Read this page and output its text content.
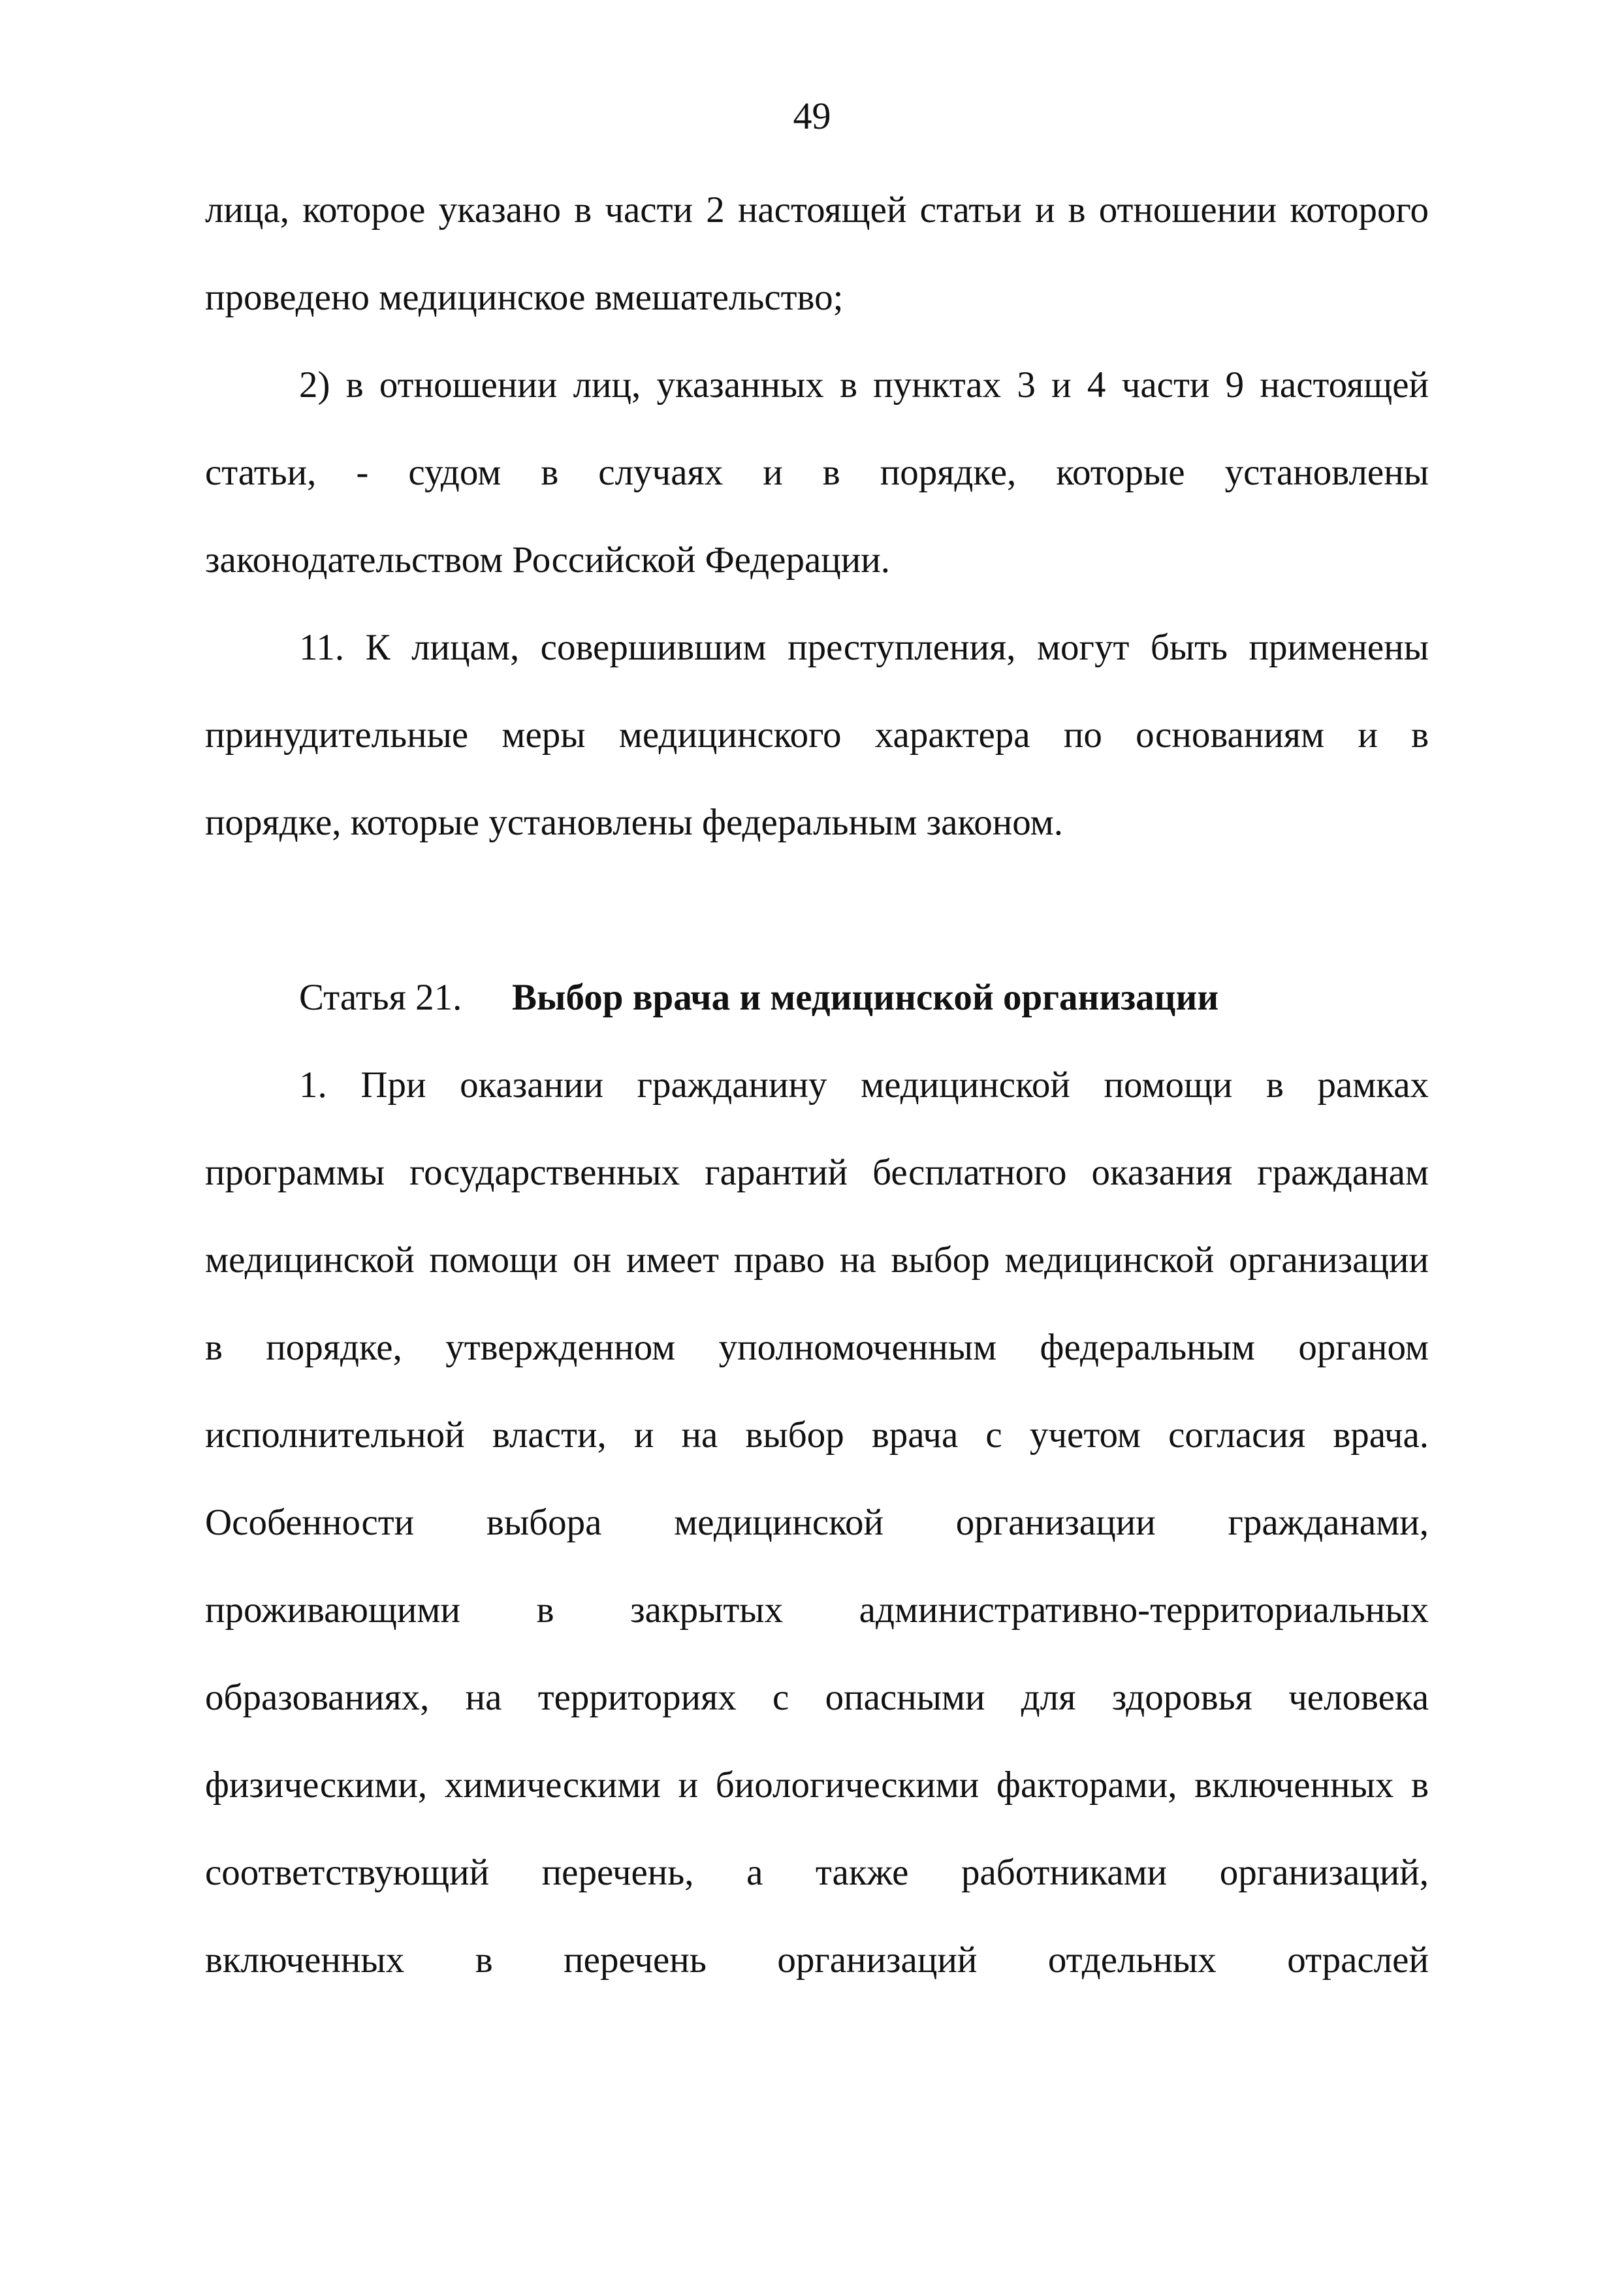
49
лица, которое указано в части 2 настоящей статьи и в отношении которого
проведено медицинское вмешательство;
2) в отношении лиц, указанных в пунктах 3 и 4 части 9 настоящей
статьи, - судом в случаях и в порядке, которые установлены
законодательством Российской Федерации.
11. К лицам, совершившим преступления, могут быть применены
принудительные меры медицинского характера по основаниям и в
порядке, которые установлены федеральным законом.
Статья 21. Выбор врача и медицинской организации
1. При оказании гражданину медицинской помощи в рамках
программы государственных гарантий бесплатного оказания гражданам
медицинской помощи он имеет право на выбор медицинской организации
в порядке, утвержденном уполномоченным федеральным органом
исполнительной власти, и на выбор врача с учетом согласия врача.
Особенности выбора медицинской организации гражданами,
проживающими в закрытых административно-территориальных
образованиях, на территориях с опасными для здоровья человека
физическими, химическими и биологическими факторами, включенных в
соответствующий перечень, а также работниками организаций,
включенных в перечень организаций отдельных отраслей
